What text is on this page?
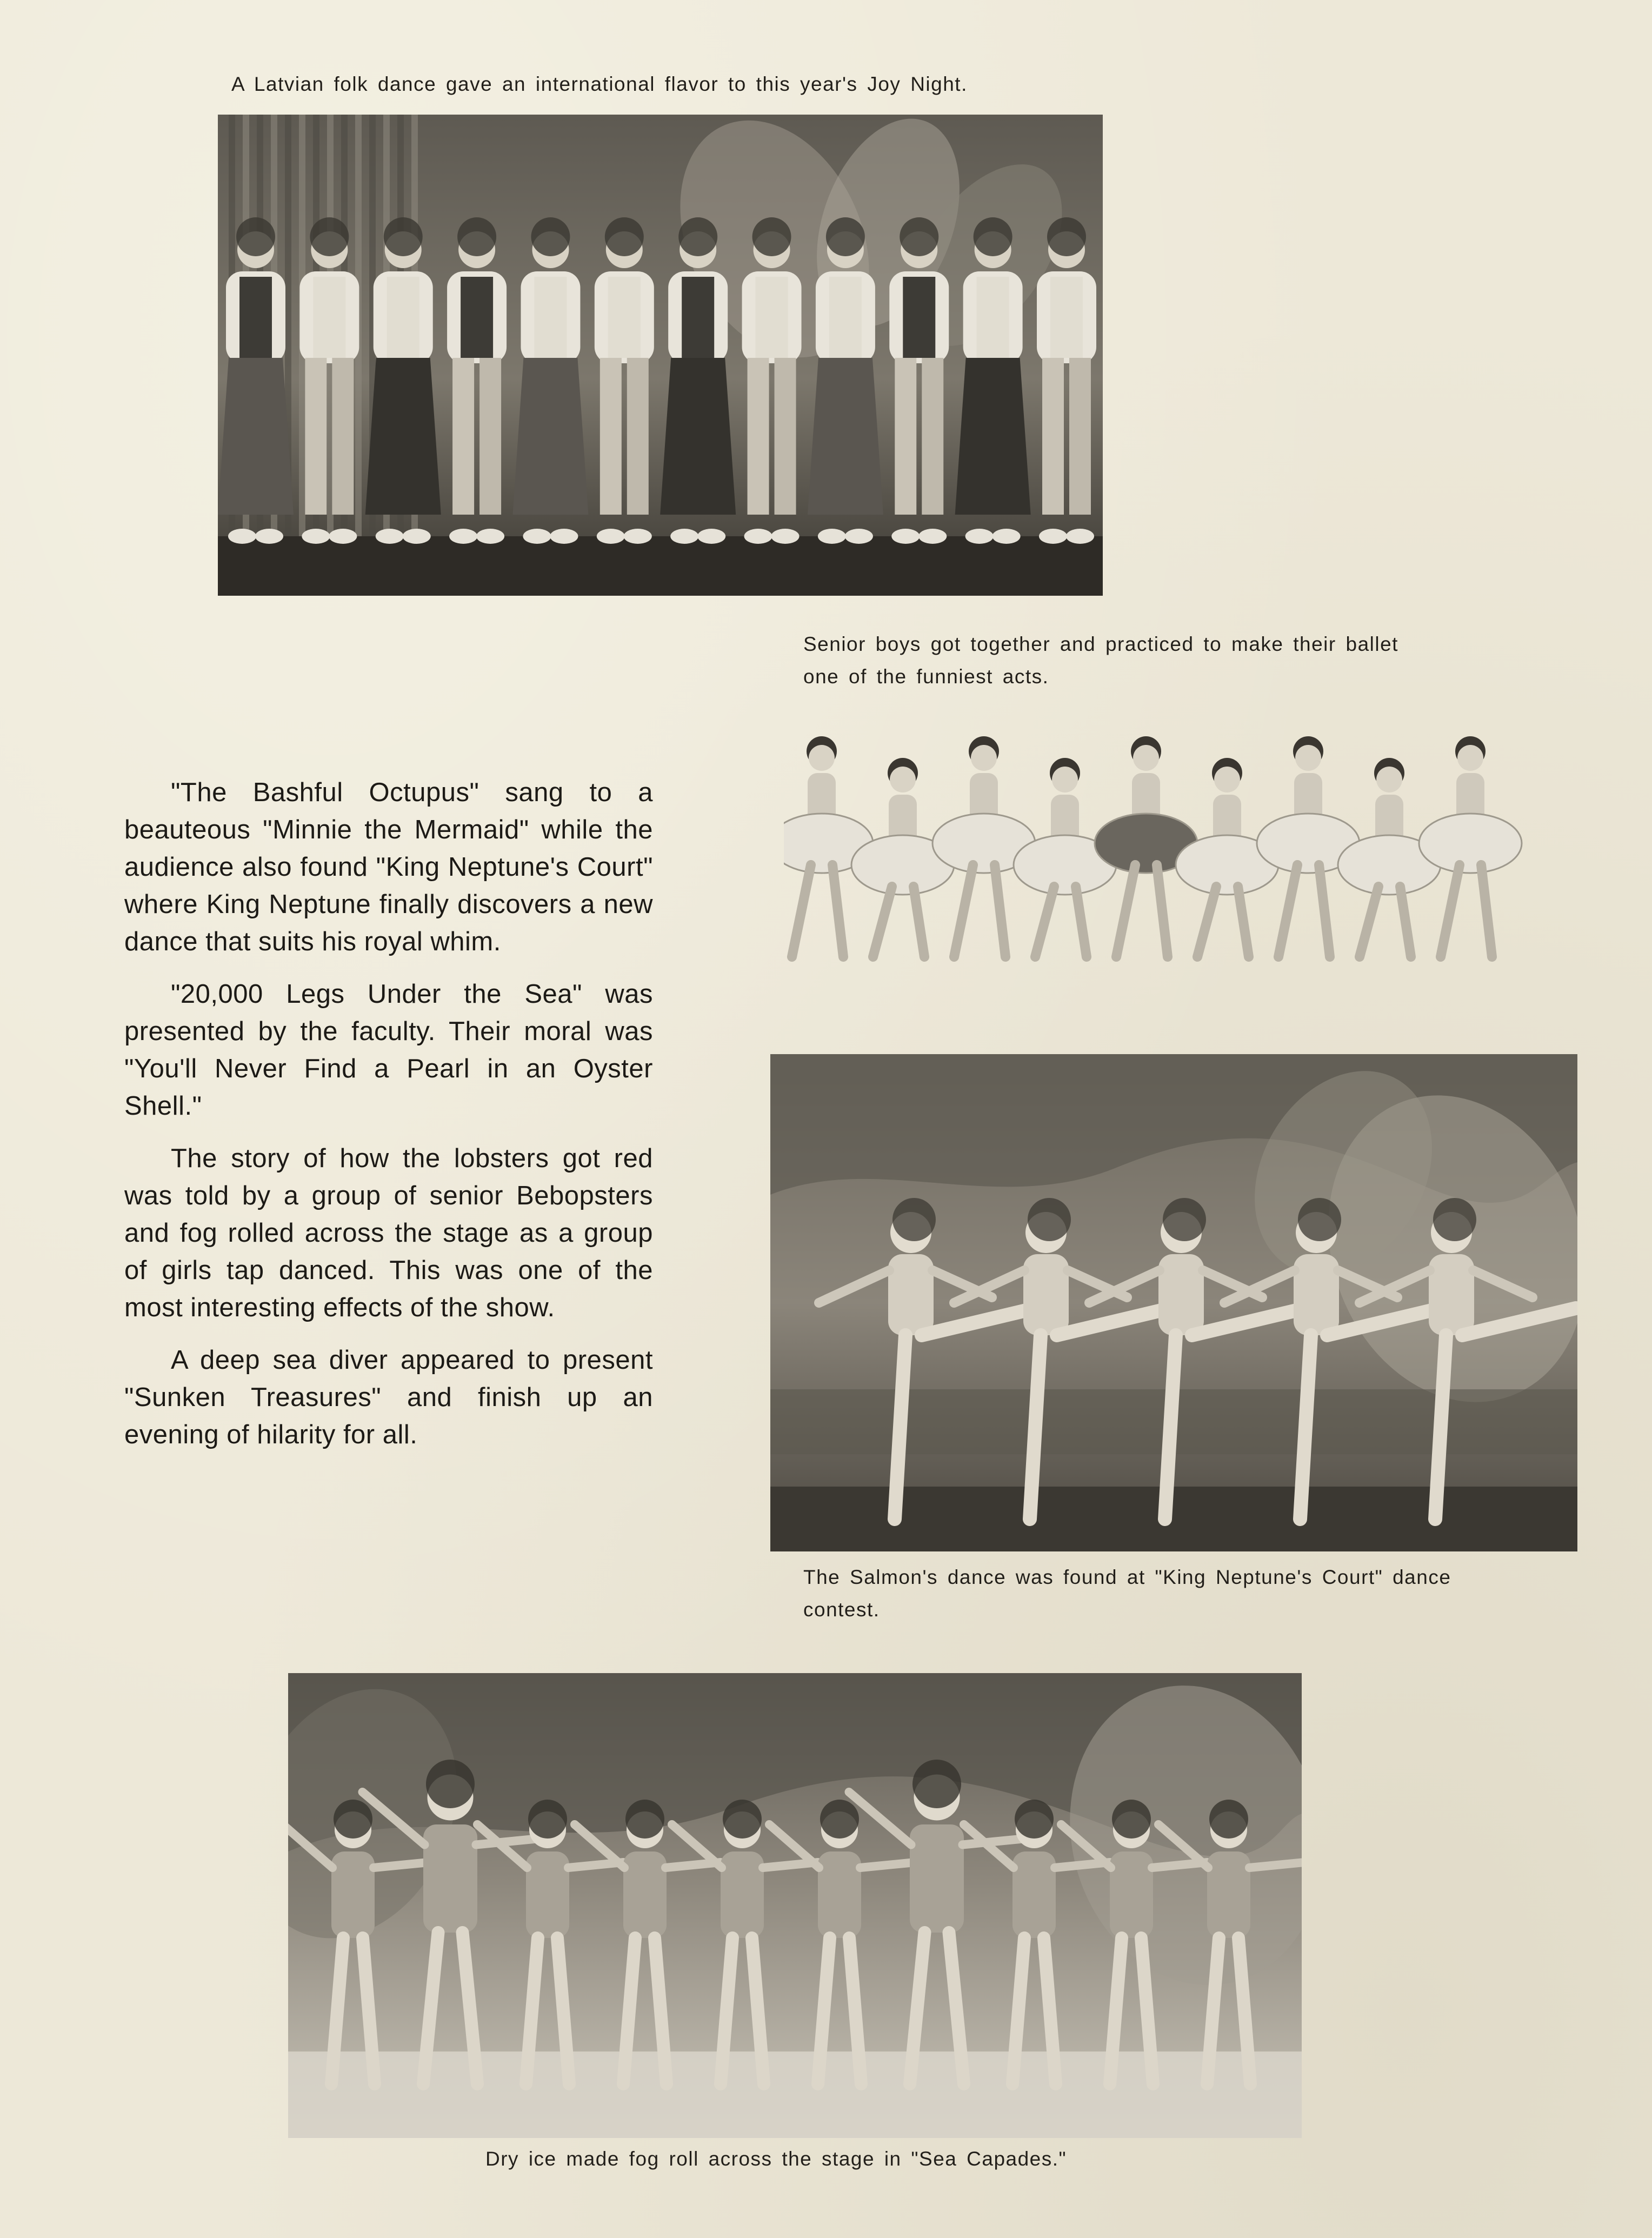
A Latvian folk dance gave an international flavor to this year's Joy Night.

Senior boys got together and practiced to make their ballet
one of the funniest acts.

"The Bashful Octupus" sang to a beauteous "Minnie the Mermaid" while the audience also found "King Neptune's Court" where King Neptune finally discovers a new dance that suits his royal whim.

"20,000 Legs Under the Sea" was presented by the faculty. Their moral was "You'll Never Find a Pearl in an Oyster Shell."

The story of how the lobsters got red was told by a group of senior Bebopsters and fog rolled across the stage as a group of girls tap danced. This was one of the most interesting effects of the show.

A deep sea diver appeared to present "Sunken Treasures" and finish up an evening of hilarity for all.

The Salmon's dance was found at "King Neptune's Court" dance
contest.

Dry ice made fog roll across the stage in "Sea Capades."
